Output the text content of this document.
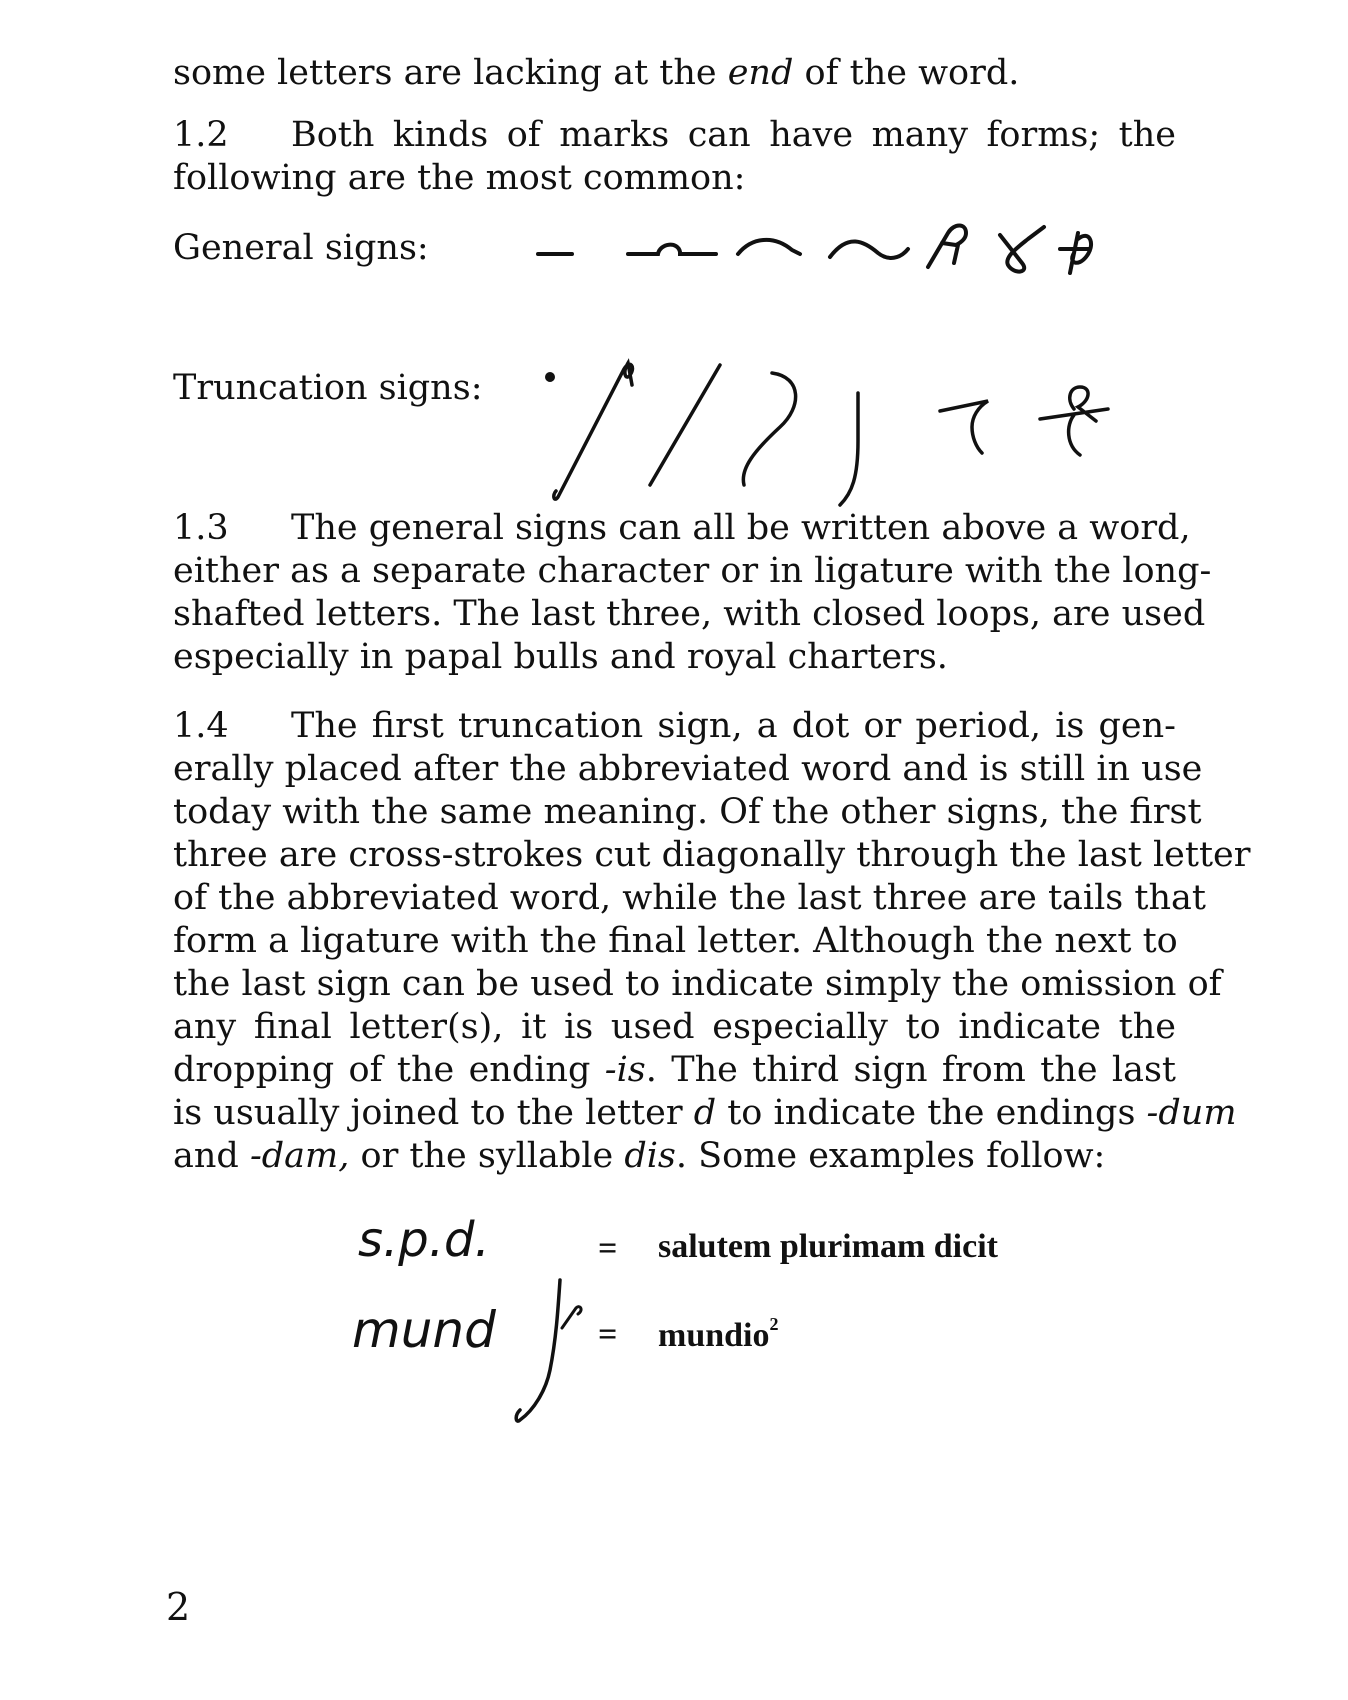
some letters are lacking at the end of the word.
1.2 Both kinds of marks can have many forms; the
following are the most common:
General signs:
Truncation signs:
1.3 The general signs can all be written above a word,
either as a separate character or in ligature with the long-
shafted letters. The last three, with closed loops, are used
especially in papal bulls and royal charters.
1.4 The first truncation sign, a dot or period, is gen-
erally placed after the abbreviated word and is still in use
today with the same meaning. Of the other signs, the first
three are cross-strokes cut diagonally through the last letter
of the abbreviated word, while the last three are tails that
form a ligature with the final letter. Although the next to
the last sign can be used to indicate simply the omission of
any final letter(s), it is used especially to indicate the
dropping of the ending -is. The third sign from the last
is usually joined to the letter d to indicate the endings -dum
and -dam, or the syllable dis. Some examples follow:
s.p.d.	= salutem plurimam dicit
mund	= mundio$^2$
2
